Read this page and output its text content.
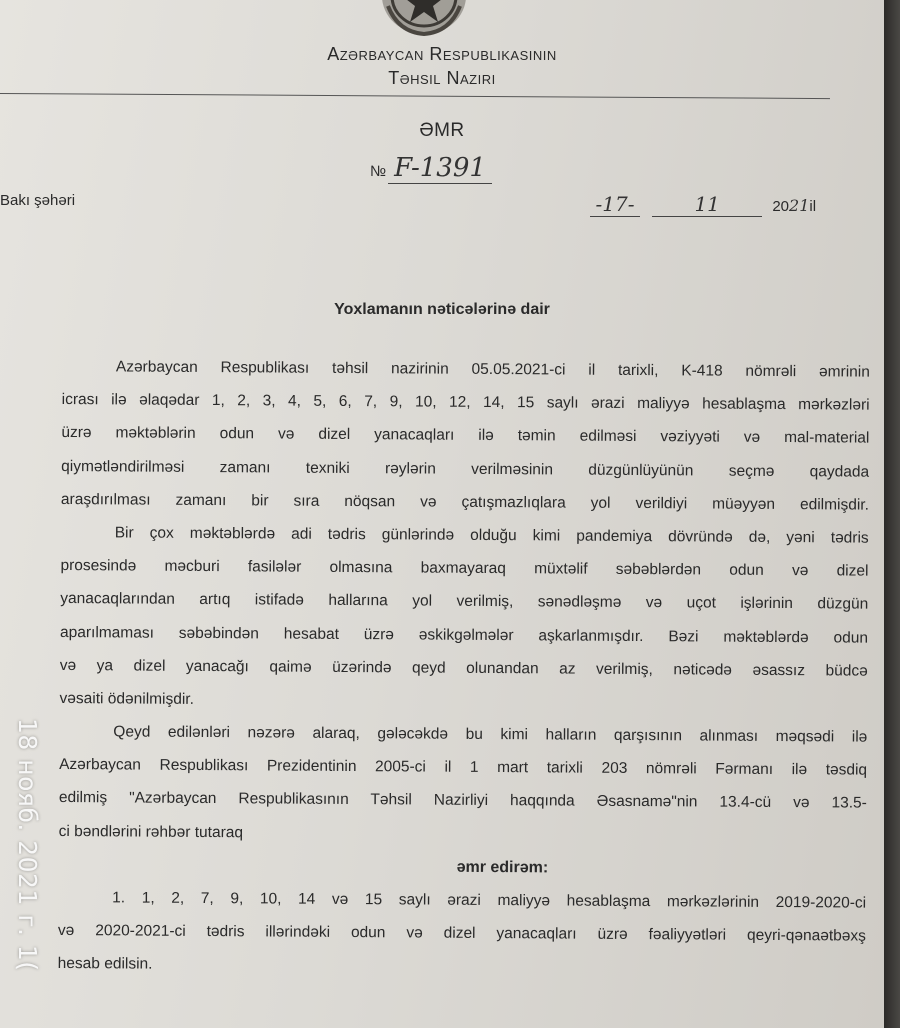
Azərbaycan Respublikasının
Təhsil Naziri
ƏMR
№ F-1391
Bakı şəhəri	-17-	11	2021il
Yoxlamanın nəticələrinə dair
Azərbaycan Respublikası təhsil nazirinin 05.05.2021-ci il tarixli, K-418 nömrəli əmrinin
icrası ilə əlaqədar 1, 2, 3, 4, 5, 6, 7, 9, 10, 12, 14, 15 saylı ərazi maliyyə hesablaşma mərkəzləri
üzrə məktəblərin odun və dizel yanacaqları ilə təmin edilməsi vəziyyəti və mal-material
qiymətləndirilməsi zamanı texniki rəylərin verilməsinin düzgünlüyünün seçmə qaydada
araşdırılması zamanı bir sıra nöqsan və çatışmazlıqlara yol verildiyi müəyyən edilmişdir.
Bir çox məktəblərdə adi tədris günlərində olduğu kimi pandemiya dövründə də, yəni tədris
prosesində məcburi fasilələr olmasına baxmayaraq müxtəlif səbəblərdən odun və dizel
yanacaqlarından artıq istifadə hallarına yol verilmiş, sənədləşmə və uçot işlərinin düzgün
aparılmaması səbəbindən hesabat üzrə əskikgəlmələr aşkarlanmışdır. Bəzi məktəblərdə odun
və ya dizel yanacağı qaimə üzərində qeyd olunandan az verilmiş, nəticədə əsassız büdcə
vəsaiti ödənilmişdir.
Qeyd edilənləri nəzərə alaraq, gələcəkdə bu kimi halların qarşısının alınması məqsədi ilə
Azərbaycan Respublikası Prezidentinin 2005-ci il 1 mart tarixli 203 nömrəli Fərmanı ilə təsdiq
edilmiş "Azərbaycan Respublikasının Təhsil Nazirliyi haqqında Əsasnamə"nin 13.4-cü və 13.5-
ci bəndlərini rəhbər tutaraq
əmr edirəm:
1. 1, 2, 7, 9, 10, 14 və 15 saylı ərazi maliyyə hesablaşma mərkəzlərinin 2019-2020-ci
və 2020-2021-ci tədris illərindəki odun və dizel yanacaqları üzrə fəaliyyətləri qeyri-qənaətbəxş
hesab edilsin.
18 нояб. 2021 г. 1(
